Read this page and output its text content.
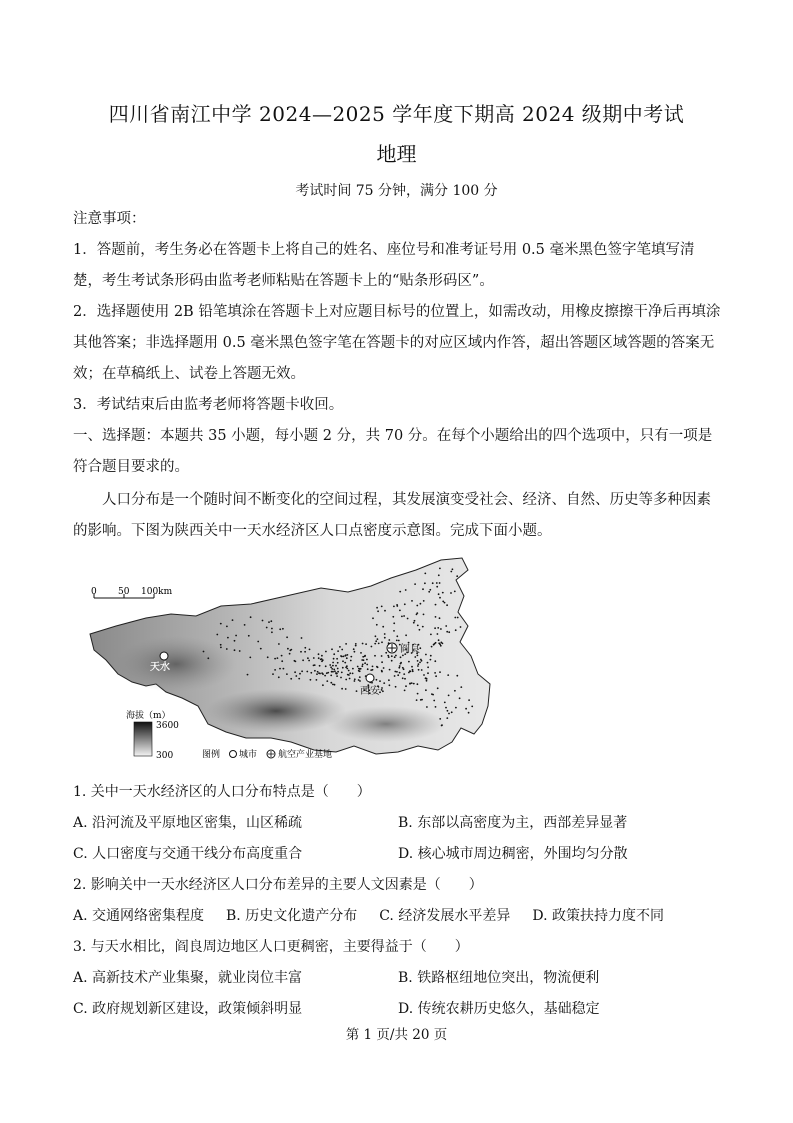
四川省南江中学 2024—2025 学年度下期高 2024 级期中考试
地理
考试时间 75 分钟，满分 100 分
注意事项：

1．答题前，考生务必在答题卡上将自己的姓名、座位号和准考证号用 0.5 毫米黑色签字笔填写清楚，考生考试条形码由监考老师粘贴在答题卡上的“贴条形码区”。

2．选择题使用 2B 铅笔填涂在答题卡上对应题目标号的位置上，如需改动，用橡皮擦擦干净后再填涂其他答案；非选择题用 0.5 毫米黑色签字笔在答题卡的对应区域内作答，超出答题区域答题的答案无效；在草稿纸上、试卷上答题无效。

3．考试结束后由监考老师将答题卡收回。

一、选择题：本题共 35 小题，每小题 2 分，共 70 分。在每个小题给出的四个选项中，只有一项是符合题目要求的。

人口分布是一个随时间不断变化的空间过程，其发展演变受社会、经济、自然、历史等多种因素的影响。下图为陕西关中一天水经济区人口点密度示意图。完成下面小题。

0 50 100km
天水
西安
阎良
海拔（m）
3600
300	图例 城市 航空产业基地
1. 关中一天水经济区的人口分布特点是（　　）
A. 沿河流及平原地区密集，山区稀疏	B. 东部以高密度为主，西部差异显著
C. 人口密度与交通干线分布高度重合	D. 核心城市周边稠密，外围均匀分散
2. 影响关中一天水经济区人口分布差异的主要人文因素是（　　）
A. 交通网络密集程度 B. 历史文化遗产分布 C. 经济发展水平差异 D. 政策扶持力度不同
3. 与天水相比，阎良周边地区人口更稠密，主要得益于（　　）
A. 高新技术产业集聚，就业岗位丰富	B. 铁路枢纽地位突出，物流便利
C. 政府规划新区建设，政策倾斜明显	D. 传统农耕历史悠久，基础稳定
第 1 页/共 20 页
